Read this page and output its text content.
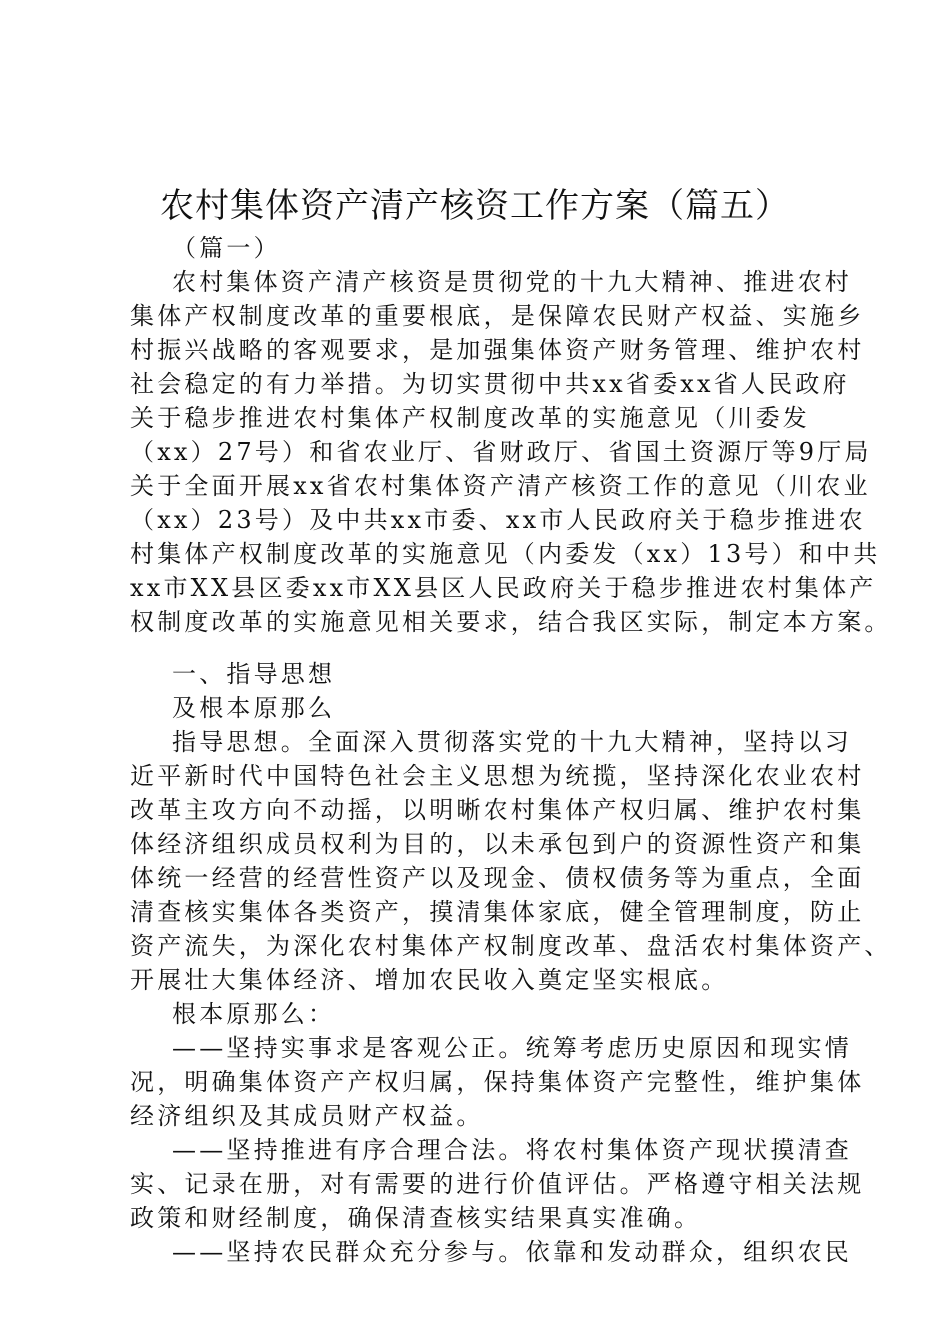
农村集体资产清产核资工作方案（篇五）
（篇一）
农村集体资产清产核资是贯彻党的十九大精神、推进农村
集体产权制度改革的重要根底，是保障农民财产权益、实施乡
村振兴战略的客观要求，是加强集体资产财务管理、维护农村
社会稳定的有力举措。为切实贯彻中共xx省委xx省人民政府
关于稳步推进农村集体产权制度改革的实施意见（川委发
（xx）27号）和省农业厅、省财政厅、省国土资源厅等9厅局
关于全面开展xx省农村集体资产清产核资工作的意见（川农业
（xx）23号）及中共xx市委、xx市人民政府关于稳步推进农
村集体产权制度改革的实施意见（内委发（xx）13号）和中共
xx市XX县区委xx市XX县区人民政府关于稳步推进农村集体产
权制度改革的实施意见相关要求，结合我区实际，制定本方案。
一、指导思想
及根本原那么
指导思想。全面深入贯彻落实党的十九大精神，坚持以习
近平新时代中国特色社会主义思想为统揽，坚持深化农业农村
改革主攻方向不动摇，以明晰农村集体产权归属、维护农村集
体经济组织成员权利为目的，以未承包到户的资源性资产和集
体统一经营的经营性资产以及现金、债权债务等为重点，全面
清查核实集体各类资产，摸清集体家底，健全管理制度，防止
资产流失，为深化农村集体产权制度改革、盘活农村集体资产、
开展壮大集体经济、增加农民收入奠定坚实根底。
根本原那么：
——坚持实事求是客观公正。统筹考虑历史原因和现实情
况，明确集体资产产权归属，保持集体资产完整性，维护集体
经济组织及其成员财产权益。
——坚持推进有序合理合法。将农村集体资产现状摸清查
实、记录在册，对有需要的进行价值评估。严格遵守相关法规
政策和财经制度，确保清查核实结果真实准确。
——坚持农民群众充分参与。依靠和发动群众，组织农民
